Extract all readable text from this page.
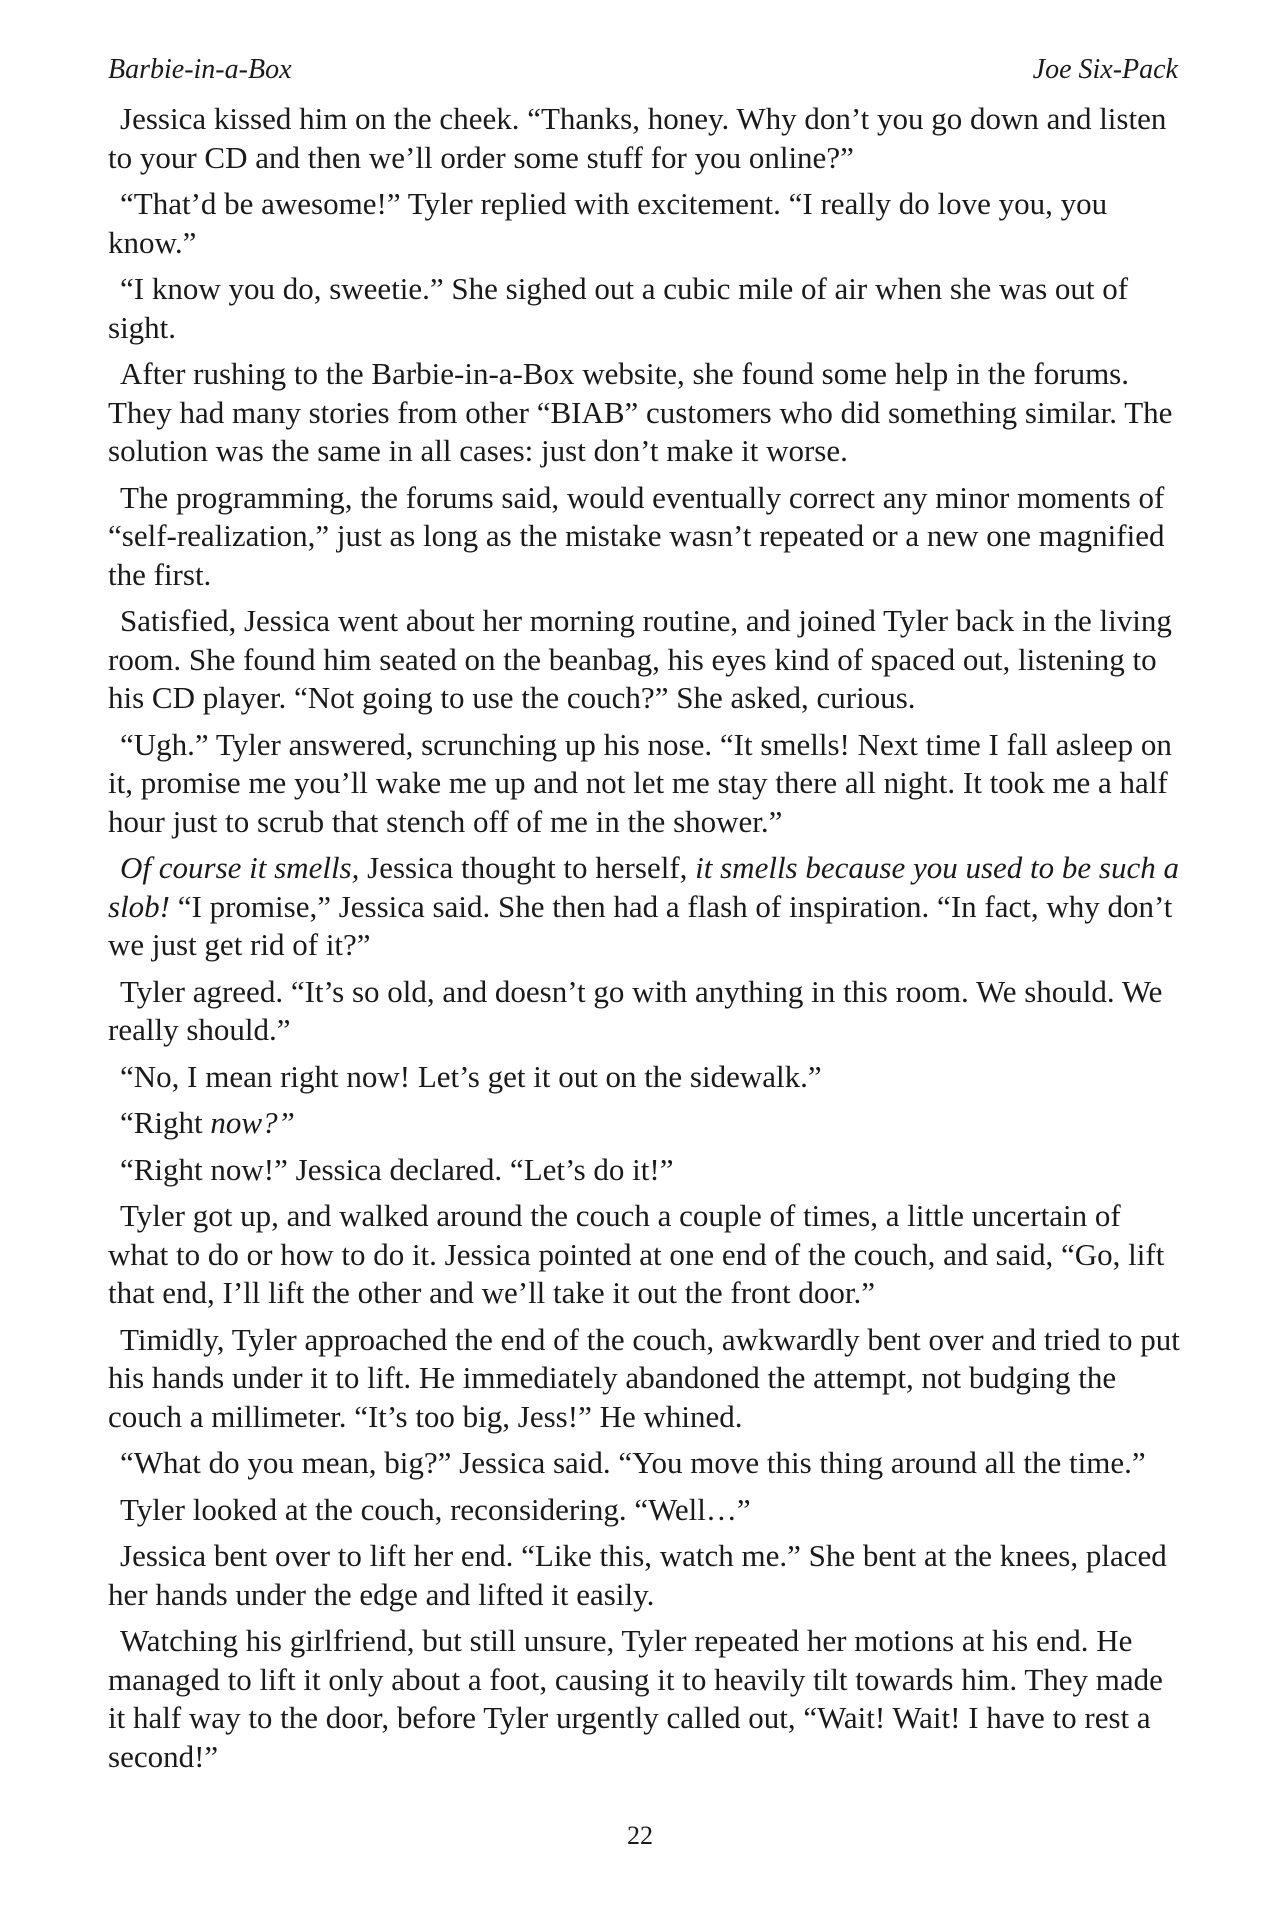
Barbie-in-a-Box	Joe Six-Pack

Jessica kissed him on the cheek. “Thanks, honey. Why don’t you go down and listen to your CD and then we’ll order some stuff for you online?”

“That’d be awesome!” Tyler replied with excitement. “I really do love you, you know.”

“I know you do, sweetie.” She sighed out a cubic mile of air when she was out of sight.

After rushing to the Barbie-in-a-Box website, she found some help in the forums. They had many stories from other “BIAB” customers who did something similar. The solution was the same in all cases: just don’t make it worse.

The programming, the forums said, would eventually correct any minor moments of “self-realization,” just as long as the mistake wasn’t repeated or a new one magnified the first.

Satisfied, Jessica went about her morning routine, and joined Tyler back in the living room. She found him seated on the beanbag, his eyes kind of spaced out, listening to his CD player. “Not going to use the couch?” She asked, curious.

“Ugh.” Tyler answered, scrunching up his nose. “It smells! Next time I fall asleep on it, promise me you’ll wake me up and not let me stay there all night. It took me a half hour just to scrub that stench off of me in the shower.”

Of course it smells, Jessica thought to herself, it smells because you used to be such a slob! “I promise,” Jessica said. She then had a flash of inspiration. “In fact, why don’t we just get rid of it?”

Tyler agreed. “It’s so old, and doesn’t go with anything in this room. We should. We really should.”

“No, I mean right now! Let’s get it out on the sidewalk.”

“Right now?”

“Right now!” Jessica declared. “Let’s do it!”

Tyler got up, and walked around the couch a couple of times, a little uncertain of what to do or how to do it. Jessica pointed at one end of the couch, and said, “Go, lift that end, I’ll lift the other and we’ll take it out the front door.”

Timidly, Tyler approached the end of the couch, awkwardly bent over and tried to put his hands under it to lift. He immediately abandoned the attempt, not budging the couch a millimeter. “It’s too big, Jess!” He whined.

“What do you mean, big?” Jessica said. “You move this thing around all the time.”

Tyler looked at the couch, reconsidering. “Well…”

Jessica bent over to lift her end. “Like this, watch me.” She bent at the knees, placed her hands under the edge and lifted it easily.

Watching his girlfriend, but still unsure, Tyler repeated her motions at his end. He managed to lift it only about a foot, causing it to heavily tilt towards him. They made it half way to the door, before Tyler urgently called out, “Wait! Wait! I have to rest a second!”

22
